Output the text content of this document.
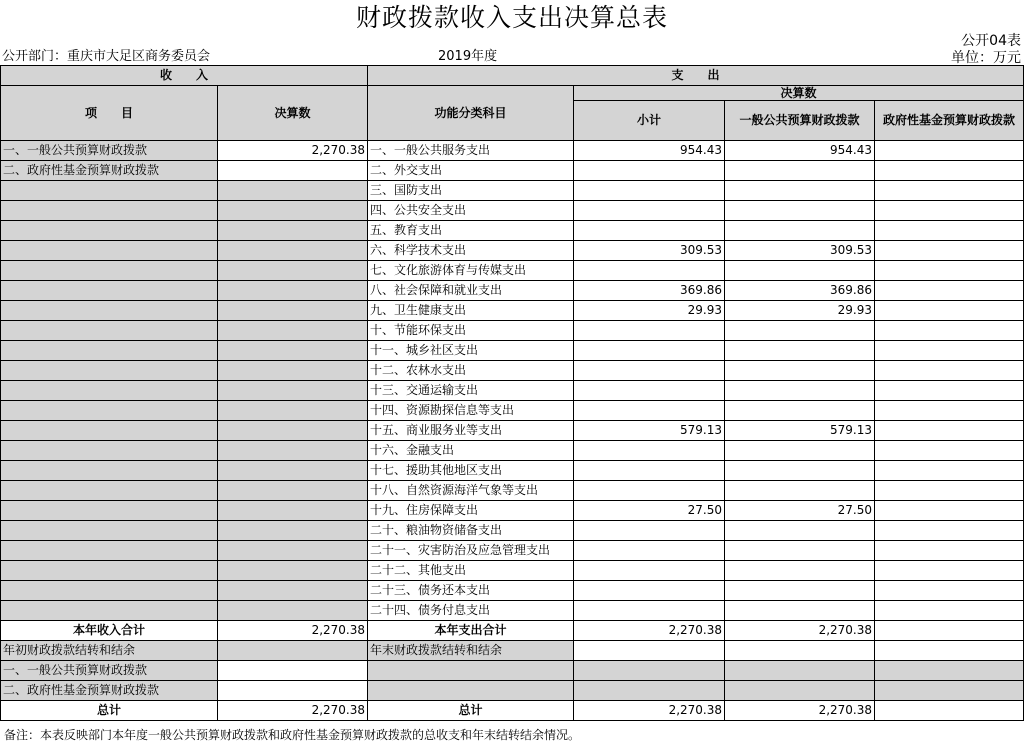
财政拨款收入支出决算总表
公开部门：重庆市大足区商务委员会	2019年度
公开04表
单位：万元
收　　入		支　　出			
项　　目	决算数	功能分类科目	决算数		
			小计	一般公共预算财政拨款	政府性基金预算财政拨款
一、一般公共预算财政拨款	2,270.38	一、一般公共服务支出	954.43	954.43	
二、政府性基金预算财政拨款		二、外交支出			
		三、国防支出			
		四、公共安全支出			
		五、教育支出			
		六、科学技术支出	309.53	309.53	
		七、文化旅游体育与传媒支出			
		八、社会保障和就业支出	369.86	369.86	
		九、卫生健康支出	29.93	29.93	
		十、节能环保支出			
		十一、城乡社区支出			
		十二、农林水支出			
		十三、交通运输支出			
		十四、资源勘探信息等支出			
		十五、商业服务业等支出	579.13	579.13	
		十六、金融支出			
		十七、援助其他地区支出			
		十八、自然资源海洋气象等支出			
		十九、住房保障支出	27.50	27.50	
		二十、粮油物资储备支出			
		二十一、灾害防治及应急管理支出			
		二十二、其他支出			
		二十三、债务还本支出			
		二十四、债务付息支出			
本年收入合计	2,270.38	本年支出合计	2,270.38	2,270.38	
年初财政拨款结转和结余		年末财政拨款结转和结余			
一、一般公共预算财政拨款					
二、政府性基金预算财政拨款					
总计	2,270.38	总计	2,270.38	2,270.38	
备注：本表反映部门本年度一般公共预算财政拨款和政府性基金预算财政拨款的总收支和年末结转结余情况。
